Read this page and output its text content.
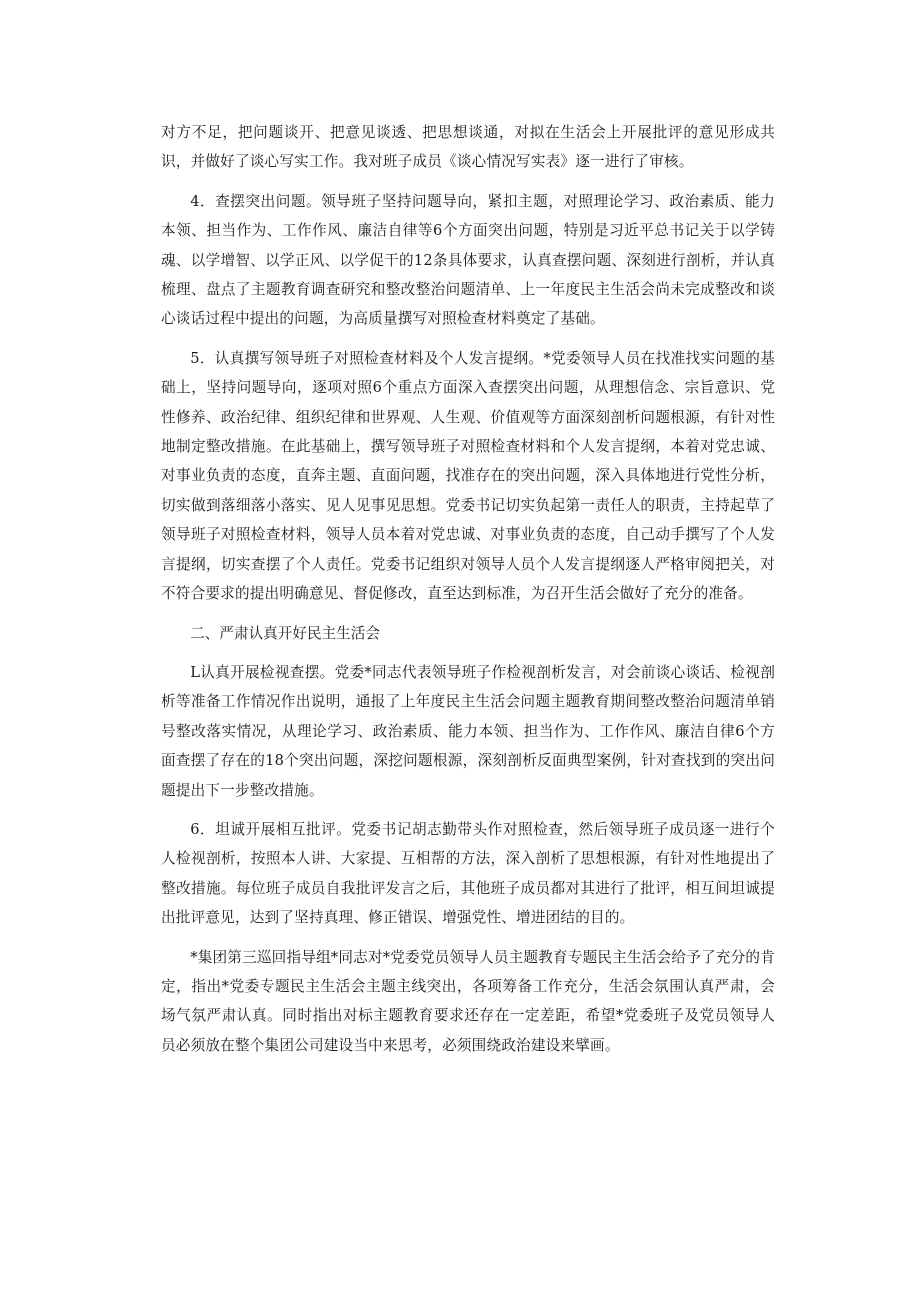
对方不足，把问题谈开、把意见谈透、把思想谈通，对拟在生活会上开展批评的意见形成共识，并做好了谈心写实工作。我对班子成员《谈心情况写实表》逐一进行了审核。

4．查摆突出问题。领导班子坚持问题导向，紧扣主题，对照理论学习、政治素质、能力本领、担当作为、工作作风、廉洁自律等6个方面突出问题，特别是习近平总书记关于以学铸魂、以学增智、以学正风、以学促干的12条具体要求，认真查摆问题、深刻进行剖析，并认真梳理、盘点了主题教育调查研究和整改整治问题清单、上一年度民主生活会尚未完成整改和谈心谈话过程中提出的问题，为高质量撰写对照检查材料奠定了基础。

5．认真撰写领导班子对照检查材料及个人发言提纲。*党委领导人员在找准找实问题的基础上，坚持问题导向，逐项对照6个重点方面深入查摆突出问题，从理想信念、宗旨意识、党性修养、政治纪律、组织纪律和世界观、人生观、价值观等方面深刻剖析问题根源，有针对性地制定整改措施。在此基础上，撰写领导班子对照检查材料和个人发言提纲，本着对党忠诚、对事业负责的态度，直奔主题、直面问题，找准存在的突出问题，深入具体地进行党性分析，切实做到落细落小落实、见人见事见思想。党委书记切实负起第一责任人的职责，主持起草了领导班子对照检查材料，领导人员本着对党忠诚、对事业负责的态度，自己动手撰写了个人发言提纲，切实查摆了个人责任。党委书记组织对领导人员个人发言提纲逐人严格审阅把关，对不符合要求的提出明确意见、督促修改，直至达到标准，为召开生活会做好了充分的准备。

二、严肃认真开好民主生活会

L认真开展检视查摆。党委*同志代表领导班子作检视剖析发言，对会前谈心谈话、检视剖析等准备工作情况作出说明，通报了上年度民主生活会问题主题教育期间整改整治问题清单销号整改落实情况，从理论学习、政治素质、能力本领、担当作为、工作作风、廉洁自律6个方面查摆了存在的18个突出问题，深挖问题根源，深刻剖析反面典型案例，针对查找到的突出问题提出下一步整改措施。

6．坦诚开展相互批评。党委书记胡志勤带头作对照检查，然后领导班子成员逐一进行个人检视剖析，按照本人讲、大家提、互相帮的方法，深入剖析了思想根源，有针对性地提出了整改措施。每位班子成员自我批评发言之后，其他班子成员都对其进行了批评，相互间坦诚提出批评意见，达到了坚持真理、修正错误、增强党性、增进团结的目的。

*集团第三巡回指导组*同志对*党委党员领导人员主题教育专题民主生活会给予了充分的肯定，指出*党委专题民主生活会主题主线突出，各项筹备工作充分，生活会氛围认真严肃，会场气氛严肃认真。同时指出对标主题教育要求还存在一定差距，希望*党委班子及党员领导人员必须放在整个集团公司建设当中来思考，必须围绕政治建设来擘画。
